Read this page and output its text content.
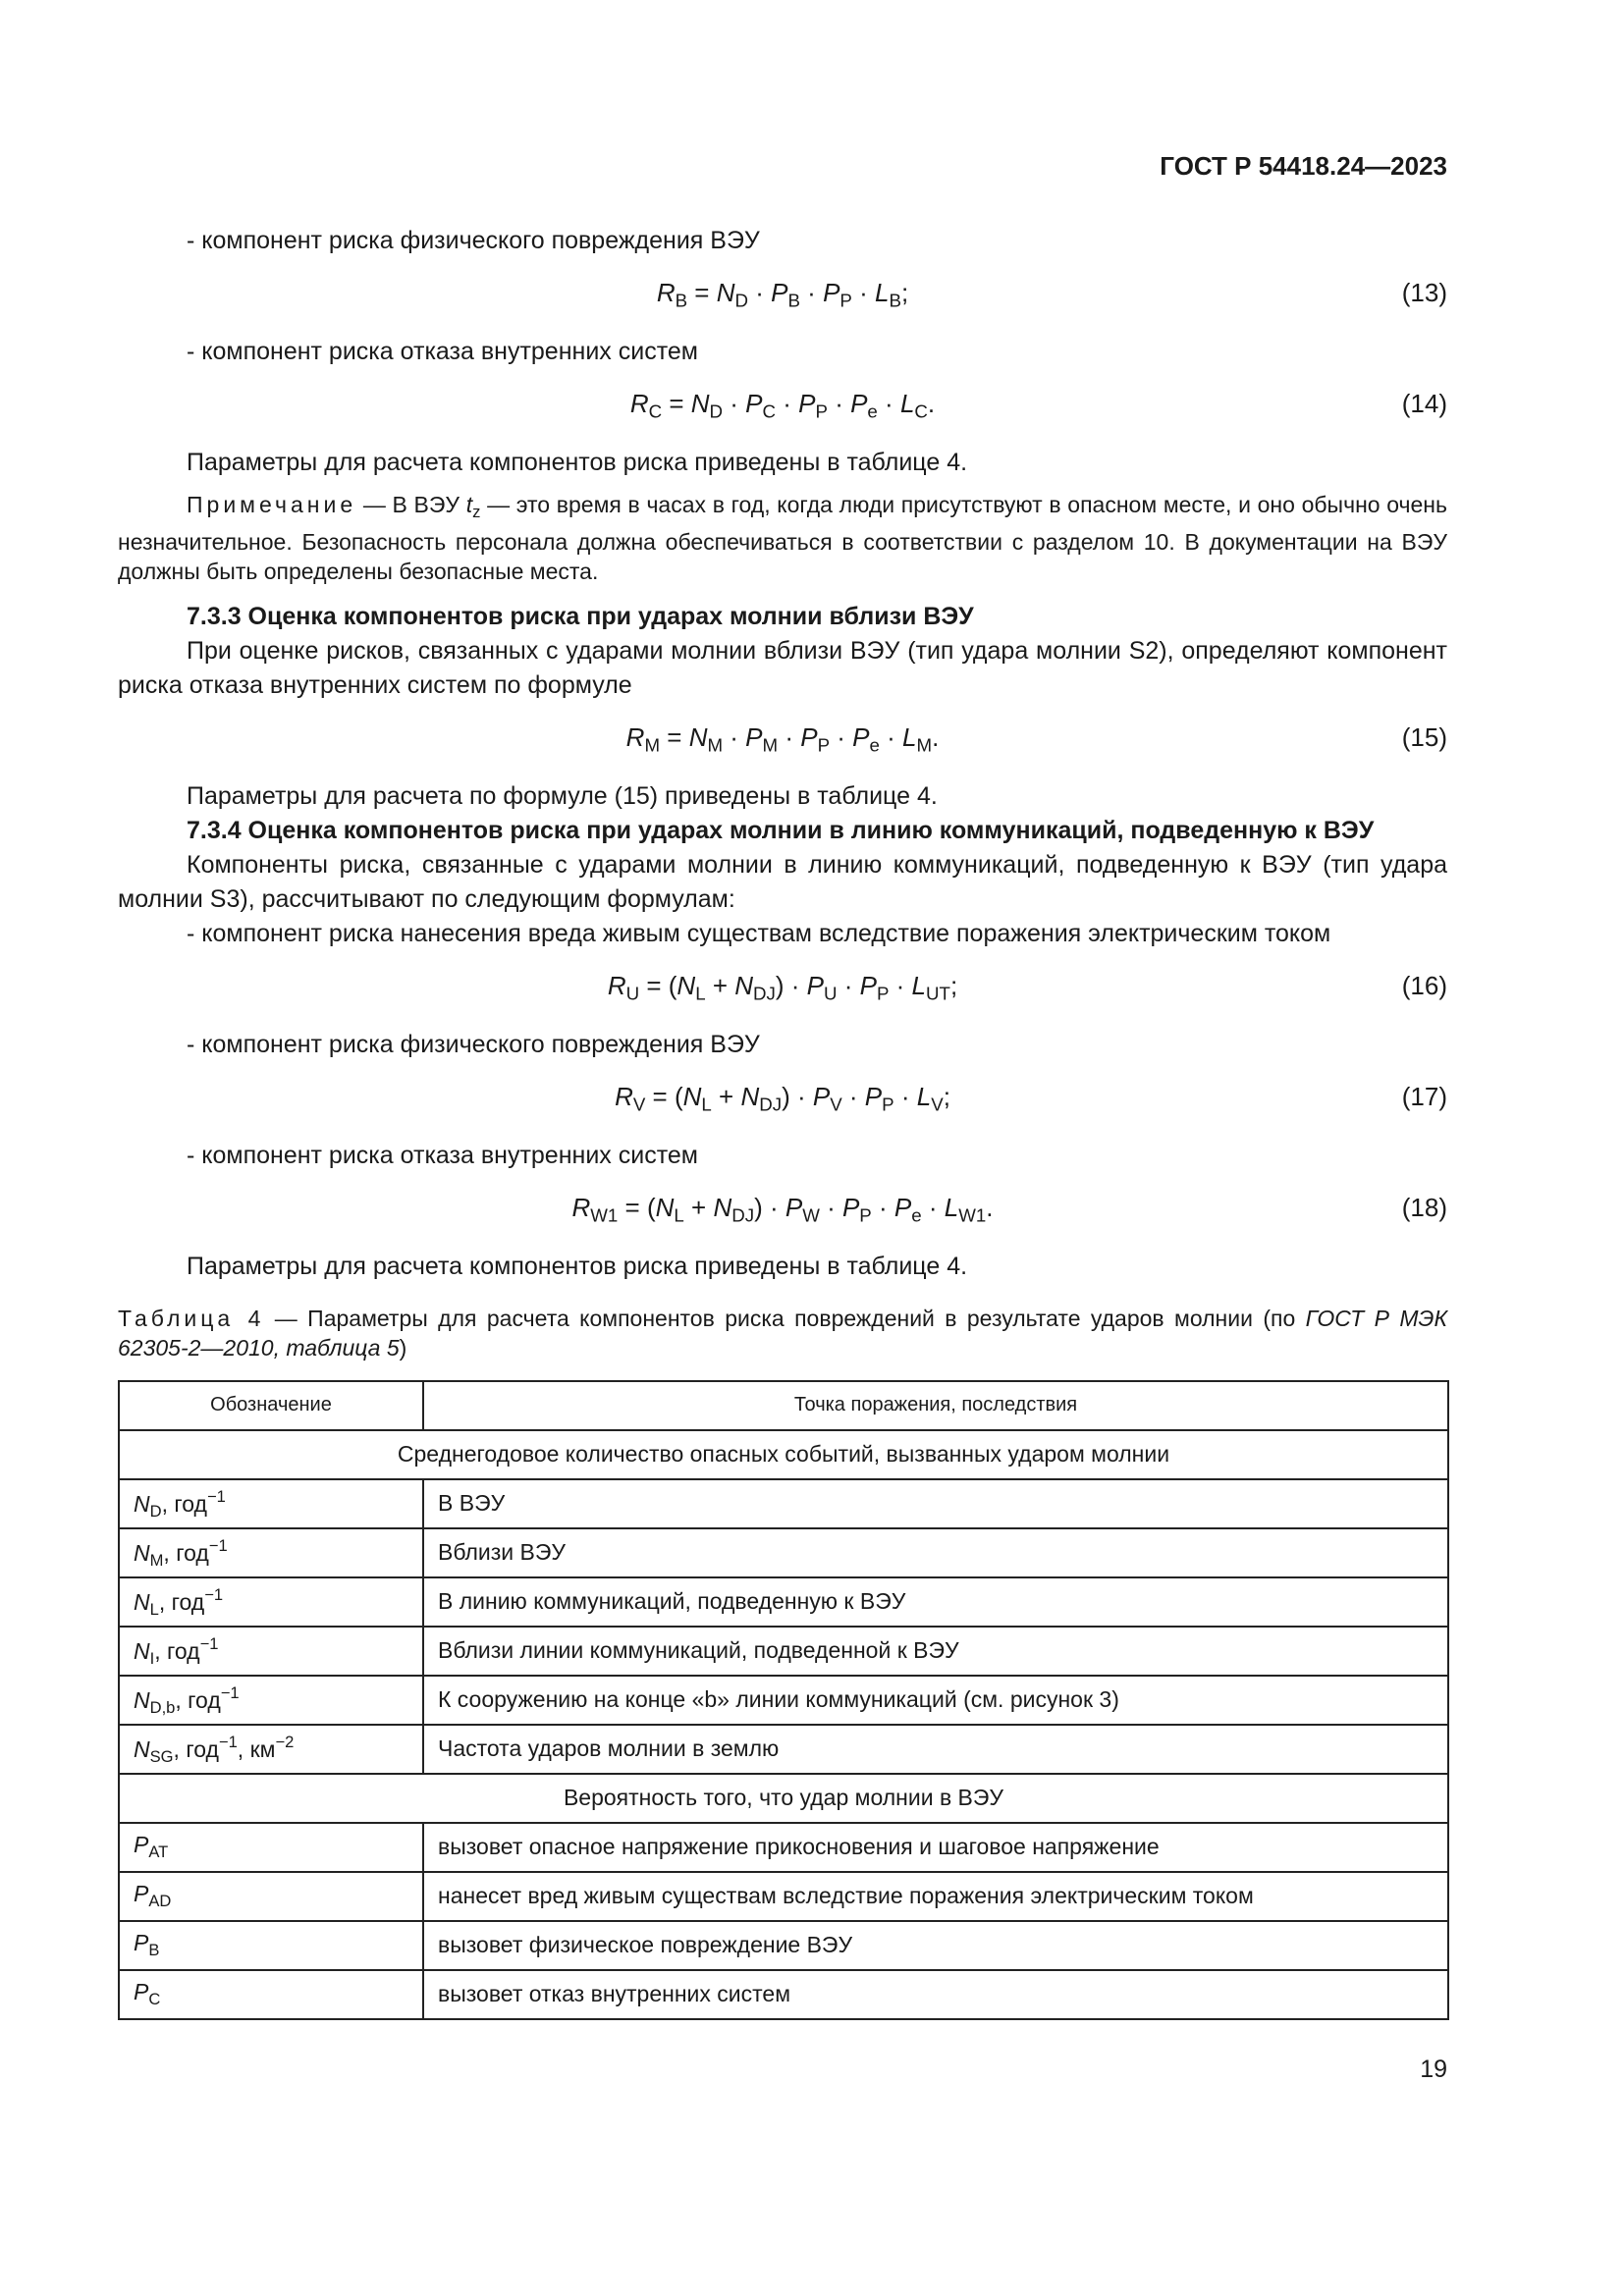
ГОСТ Р 54418.24—2023

- компонент риска физического повреждения ВЭУ

$R_B = N_D \cdot P_B \cdot P_P \cdot L_B$;	(13)

- компонент риска отказа внутренних систем

$R_C = N_D \cdot P_C \cdot P_P \cdot P_e \cdot L_C$.	(14)

Параметры для расчета компонентов риска приведены в таблице 4.

Примечание — В ВЭУ $t_z$ — это время в часах в год, когда люди присутствуют в опасном месте, и оно обычно очень незначительное. Безопасность персонала должна обеспечиваться в соответствии с разделом 10. В документации на ВЭУ должны быть определены безопасные места.

7.3.3 Оценка компонентов риска при ударах молнии вблизи ВЭУ

При оценке рисков, связанных с ударами молнии вблизи ВЭУ (тип удара молнии S2), определяют компонент риска отказа внутренних систем по формуле

$R_M = N_M \cdot P_M \cdot P_P \cdot P_e \cdot L_M$.	(15)

Параметры для расчета по формуле (15) приведены в таблице 4.

7.3.4 Оценка компонентов риска при ударах молнии в линию коммуникаций, подведенную к ВЭУ

Компоненты риска, связанные с ударами молнии в линию коммуникаций, подведенную к ВЭУ (тип удара молнии S3), рассчитывают по следующим формулам:

- компонент риска нанесения вреда живым существам вследствие поражения электрическим током

$R_U = (N_L + N_{DJ}) \cdot P_U \cdot P_P \cdot L_{UT}$;	(16)

- компонент риска физического повреждения ВЭУ

$R_V = (N_L + N_{DJ}) \cdot P_V \cdot P_P \cdot L_V$;	(17)

- компонент риска отказа внутренних систем

$R_{W1} = (N_L + N_{DJ}) \cdot P_W \cdot P_P \cdot P_e \cdot L_{W1}$.	(18)

Параметры для расчета компонентов риска приведены в таблице 4.

Таблица 4 — Параметры для расчета компонентов риска повреждений в результате ударов молнии (по ГОСТ Р МЭК 62305-2—2010, таблица 5)

Обозначение	Точка поражения, последствия
Среднегодовое количество опасных событий, вызванных ударом молнии	
$N_D$, год$^{-1}$	В ВЭУ
$N_M$, год$^{-1}$	Вблизи ВЭУ
$N_L$, год$^{-1}$	В линию коммуникаций, подведенную к ВЭУ
$N_I$, год$^{-1}$	Вблизи линии коммуникаций, подведенной к ВЭУ
$N_{D,b}$, год$^{-1}$	К сооружению на конце «b» линии коммуникаций (см. рисунок 3)
$N_{SG}$, год$^{-1}$, $км^{-2}$	Частота ударов молнии в землю
Вероятность того, что удар молнии в ВЭУ	
$P_{AT}$	вызовет опасное напряжение прикосновения и шаговое напряжение
$P_{AD}$	нанесет вред живым существам вследствие поражения электрическим током
$P_B$	вызовет физическое повреждение ВЭУ
$P_C$	вызовет отказ внутренних систем
19
